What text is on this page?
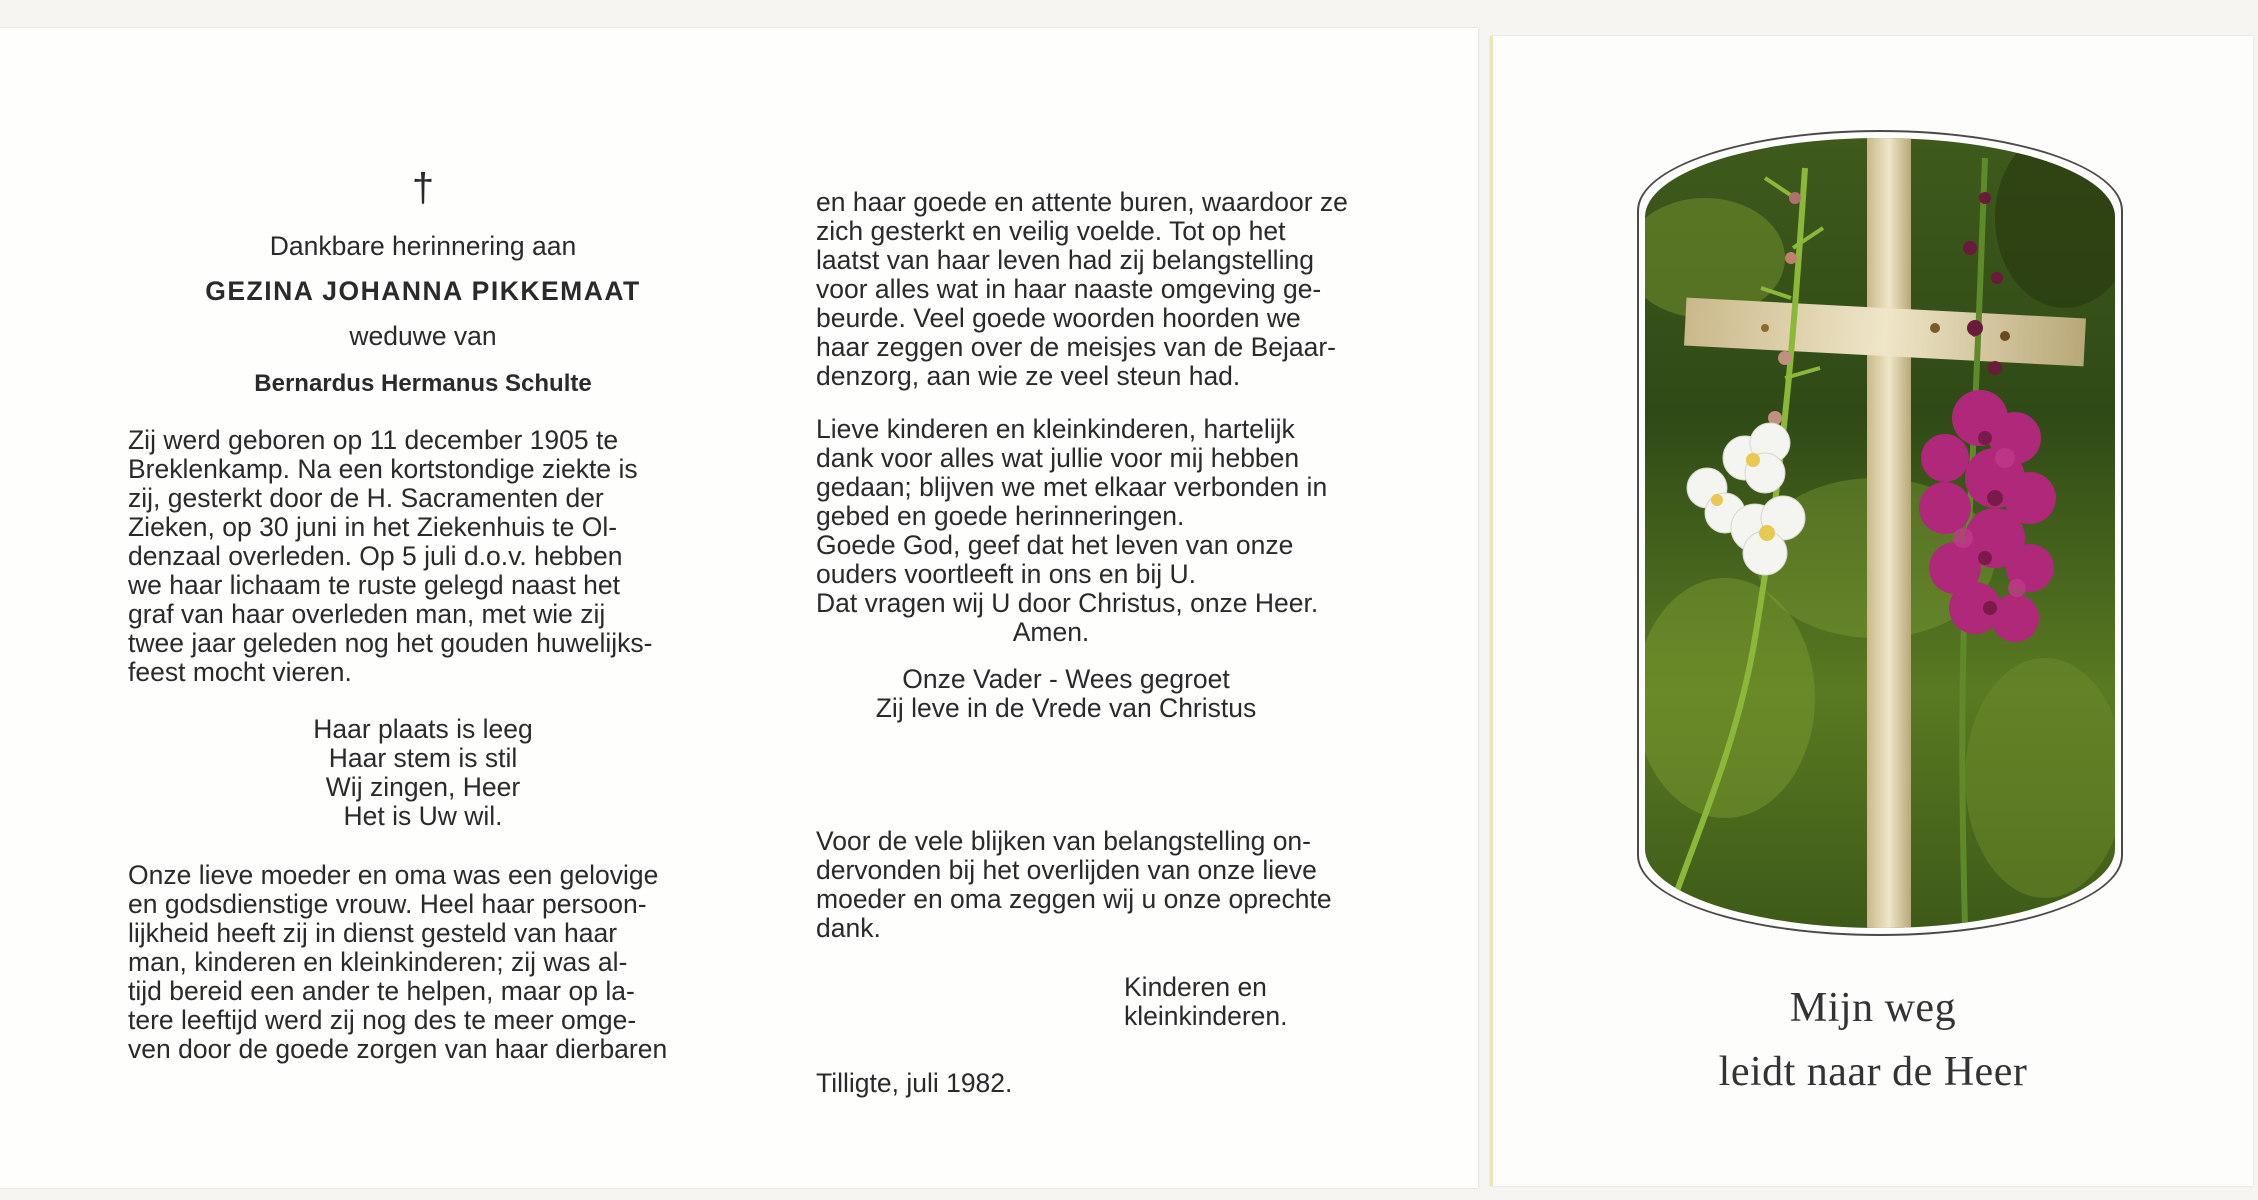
†
Dankbare herinnering aan
GEZINA JOHANNA PIKKEMAAT
weduwe van
Bernardus Hermanus Schulte
Zij werd geboren op 11 december 1905 te
Breklenkamp. Na een kortstondige ziekte is
zij, gesterkt door de H. Sacramenten der
Zieken, op 30 juni in het Ziekenhuis te Ol-
denzaal overleden. Op 5 juli d.o.v. hebben
we haar lichaam te ruste gelegd naast het
graf van haar overleden man, met wie zij
twee jaar geleden nog het gouden huwelijks-
feest mocht vieren.
Haar plaats is leeg
Haar stem is stil
Wij zingen, Heer
Het is Uw wil.
Onze lieve moeder en oma was een gelovige
en godsdienstige vrouw. Heel haar persoon-
lijkheid heeft zij in dienst gesteld van haar
man, kinderen en kleinkinderen; zij was al-
tijd bereid een ander te helpen, maar op la-
tere leeftijd werd zij nog des te meer omge-
ven door de goede zorgen van haar dierbaren
en haar goede en attente buren, waardoor ze
zich gesterkt en veilig voelde. Tot op het
laatst van haar leven had zij belangstelling
voor alles wat in haar naaste omgeving ge-
beurde. Veel goede woorden hoorden we
haar zeggen over de meisjes van de Bejaar-
denzorg, aan wie ze veel steun had.
Lieve kinderen en kleinkinderen, hartelijk
dank voor alles wat jullie voor mij hebben
gedaan; blijven we met elkaar verbonden in
gebed en goede herinneringen.
Goede God, geef dat het leven van onze
ouders voortleeft in ons en bij U.
Dat vragen wij U door Christus, onze Heer.
Amen.
Onze Vader - Wees gegroet
Zij leve in de Vrede van Christus
Voor de vele blijken van belangstelling on-
dervonden bij het overlijden van onze lieve
moeder en oma zeggen wij u onze oprechte
dank.
Kinderen en
kleinkinderen.
Tilligte, juli 1982.
Mijn weg
leidt naar de Heer
